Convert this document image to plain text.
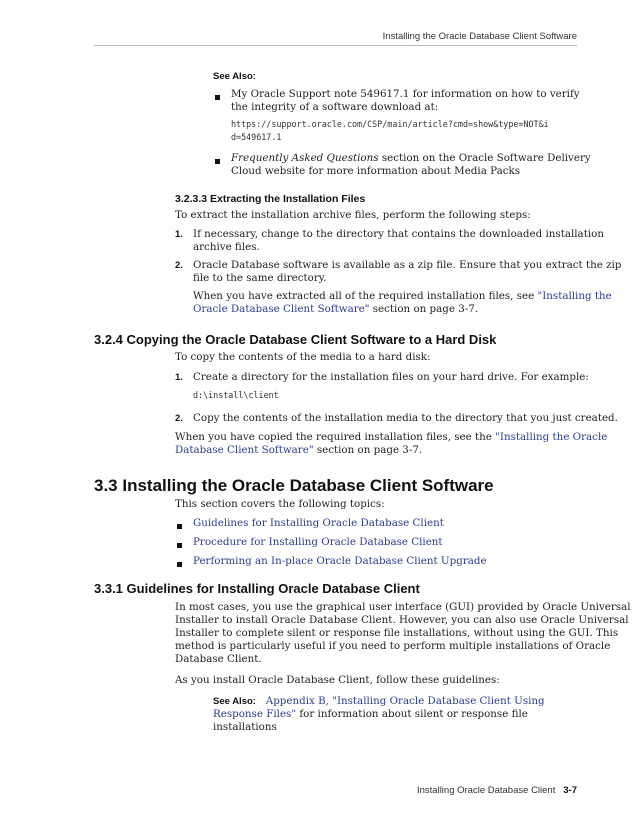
Installing the Oracle Database Client Software
See Also:

My Oracle Support note 549617.1 for information on how to verify

the integrity of a software download at:

https://support.oracle.com/CSP/main/article?cmd=show&type=NOT&i

d=549617.1

Frequently Asked Questions section on the Oracle Software Delivery

Cloud website for more information about Media Packs

3.2.3.3 Extracting the Installation Files
To extract the installation archive files, perform the following steps:
1. If necessary, change to the directory that contains the downloaded installation

archive files.

2. Oracle Database software is available as a zip file. Ensure that you extract the zip

file to the same directory.

When you have extracted all of the required installation files, see "Installing the

Oracle Database Client Software" section on page 3-7.

3.2.4 Copying the Oracle Database Client Software to a Hard Disk
To copy the contents of the media to a hard disk:
1. Create a directory for the installation files on your hard drive. For example:
d:\install\client
2. Copy the contents of the installation media to the directory that you just created.

When you have copied the required installation files, see the "Installing the Oracle

Database Client Software" section on page 3-7.

3.3 Installing the Oracle Database Client Software
This section covers the following topics:
Guidelines for Installing Oracle Database Client
Procedure for Installing Oracle Database Client
Performing an In-place Oracle Database Client Upgrade
3.3.1 Guidelines for Installing Oracle Database Client

In most cases, you use the graphical user interface (GUI) provided by Oracle Universal

Installer to install Oracle Database Client. However, you can also use Oracle Universal

Installer to complete silent or response file installations, without using the GUI. This

method is particularly useful if you need to perform multiple installations of Oracle

Database Client.

As you install Oracle Database Client, follow these guidelines:

See Also: Appendix B, "Installing Oracle Database Client Using

Response Files" for information about silent or response file

installations

Installing Oracle Database Client 3-7
